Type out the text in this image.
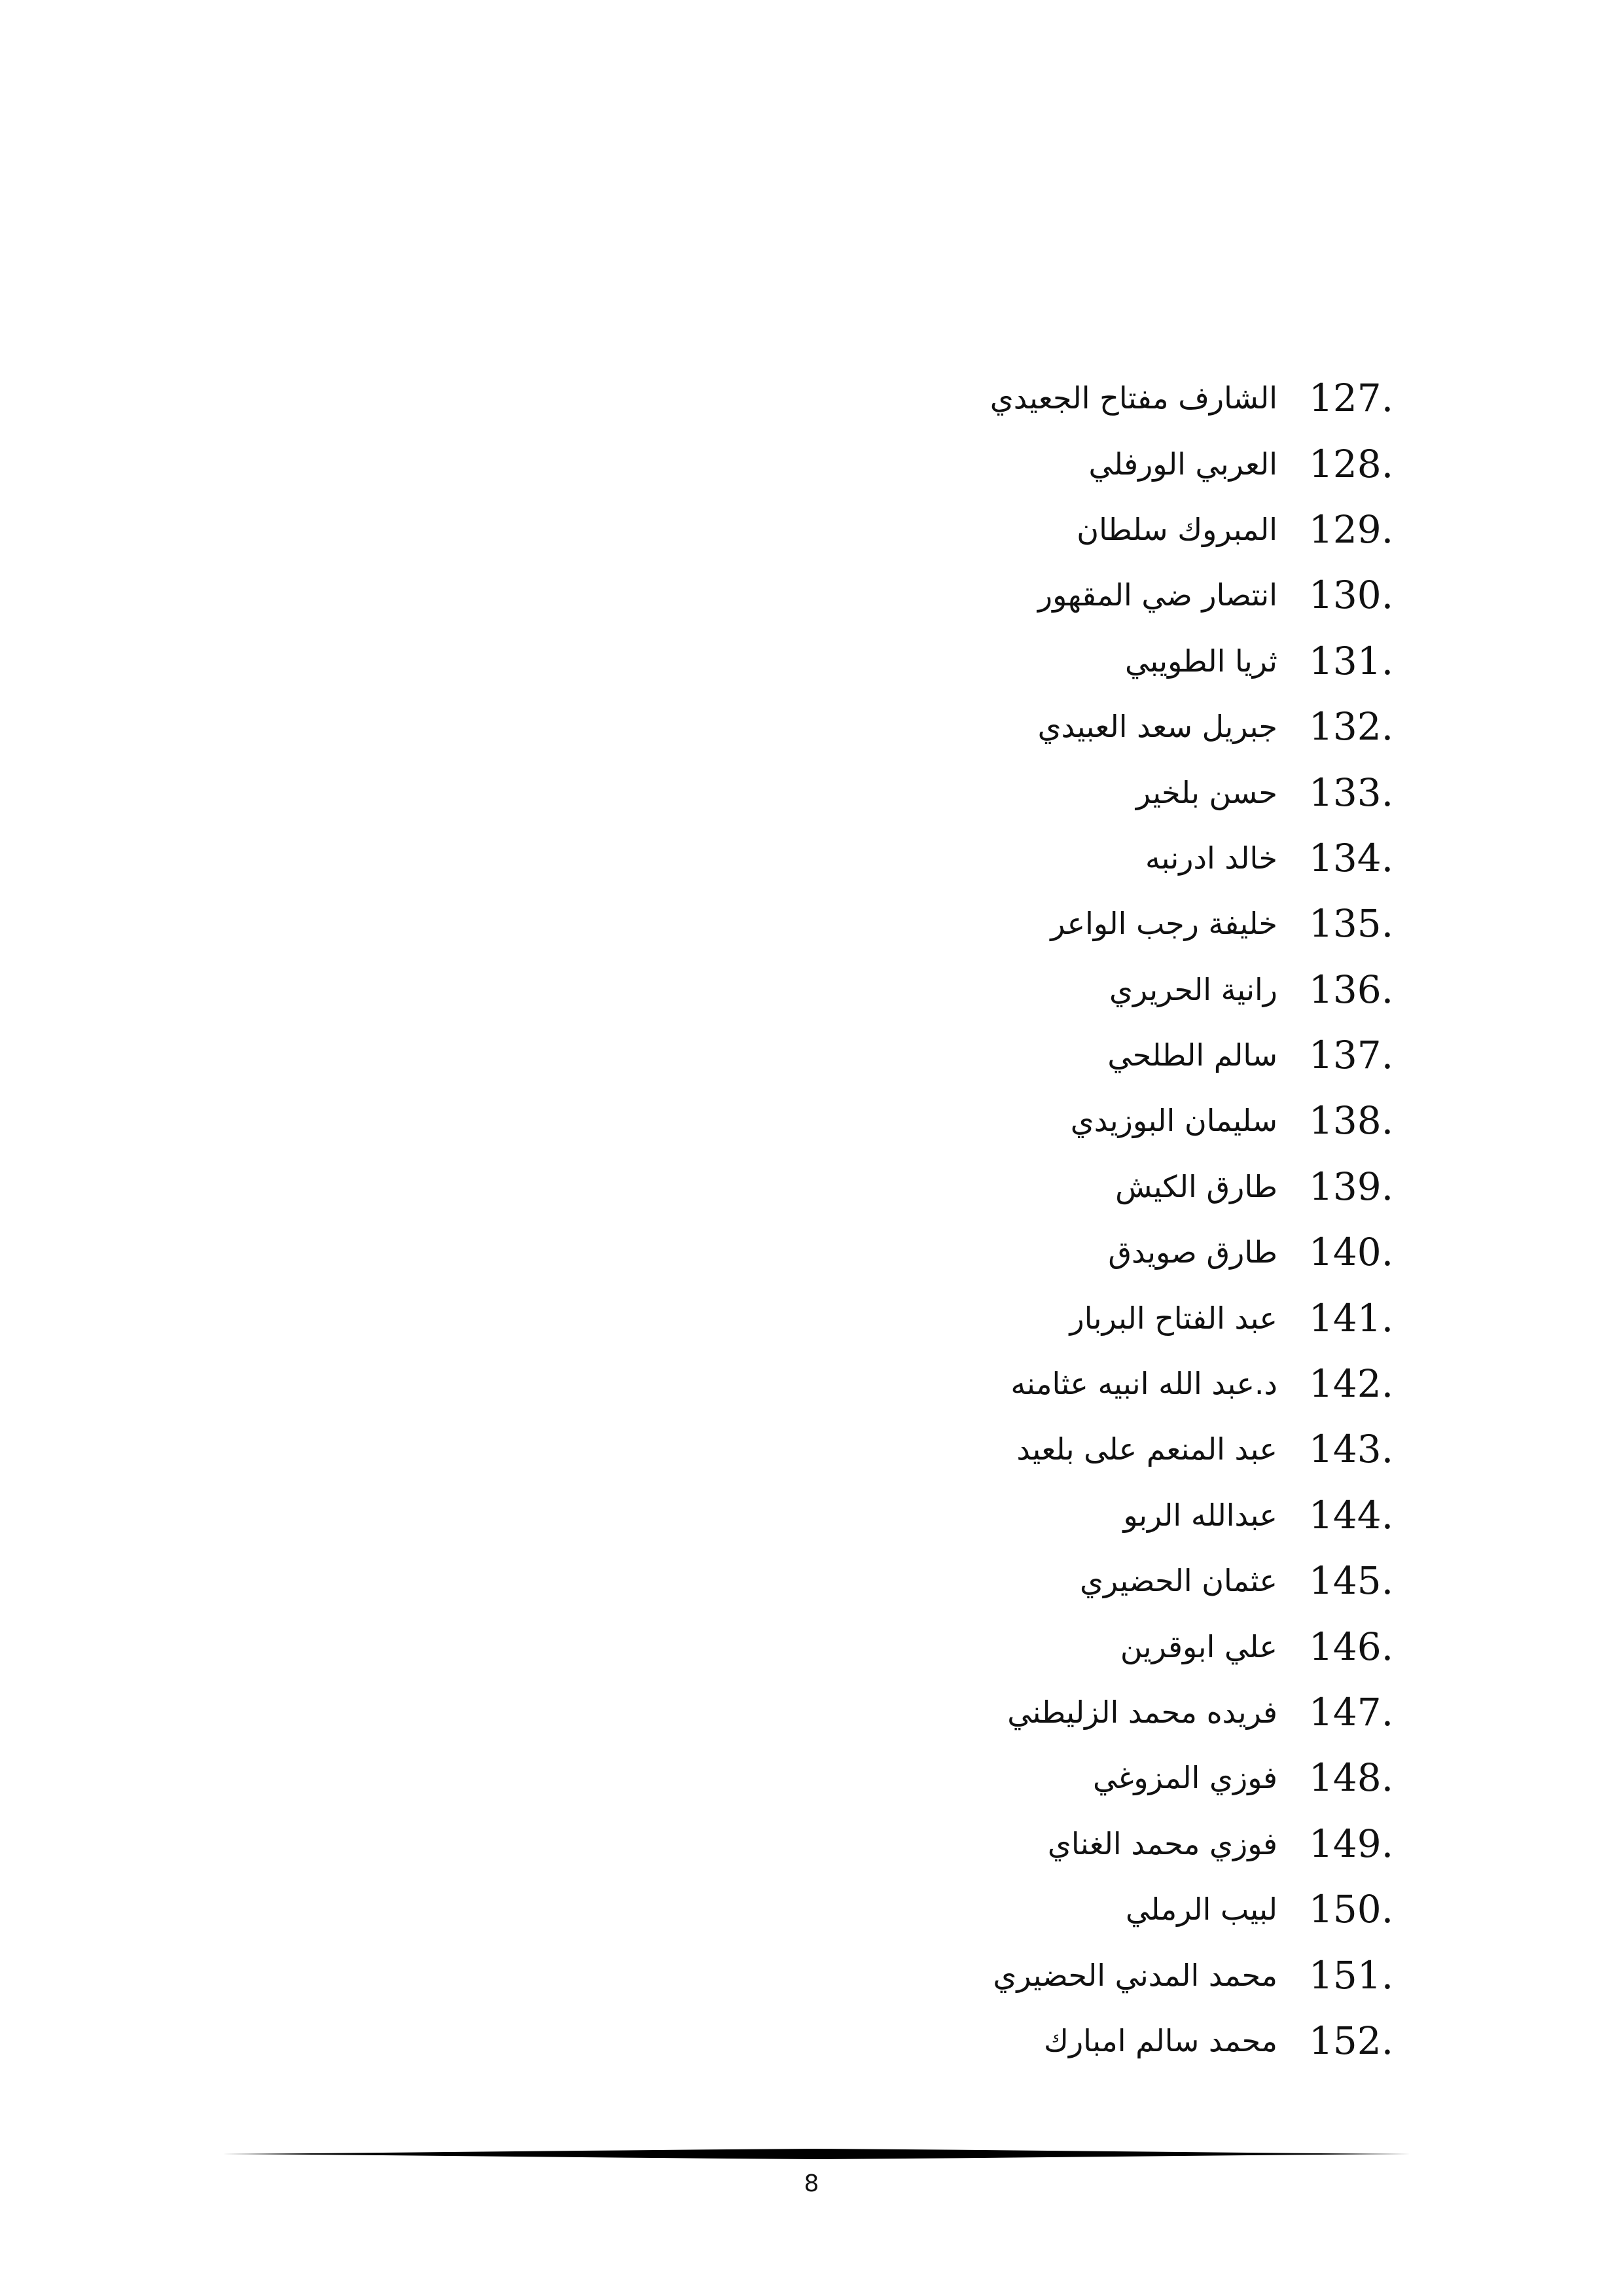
127.
الشارف مفتاح الجعيدي
128.
العربي الورفلي
129.
المبروك سلطان
130.
انتصار ضي المقهور
131.
ثريا الطويبي
132.
جبريل سعد العبيدي
133.
حسن بلخير
134.
خالد ادرنبه
135.
خليفة رجب الواعر
136.
رانية الحريري
137.
سالم الطلحي
138.
سليمان البوزيدي
139.
طارق الكيش
140.
طارق صويدق
141.
عبد الفتاح البربار
142.
د.عبد الله انبيه عثامنه
143.
عبد المنعم على بلعيد
144.
عبدالله الربو
145.
عثمان الحضيري
146.
علي ابوقرين
147.
فريده محمد الزليطني
148.
فوزي المزوغي
149.
فوزي محمد الغناي
150.
لبيب الرملي
151.
محمد المدني الحضيري
152.
محمد سالم امبارك
8
